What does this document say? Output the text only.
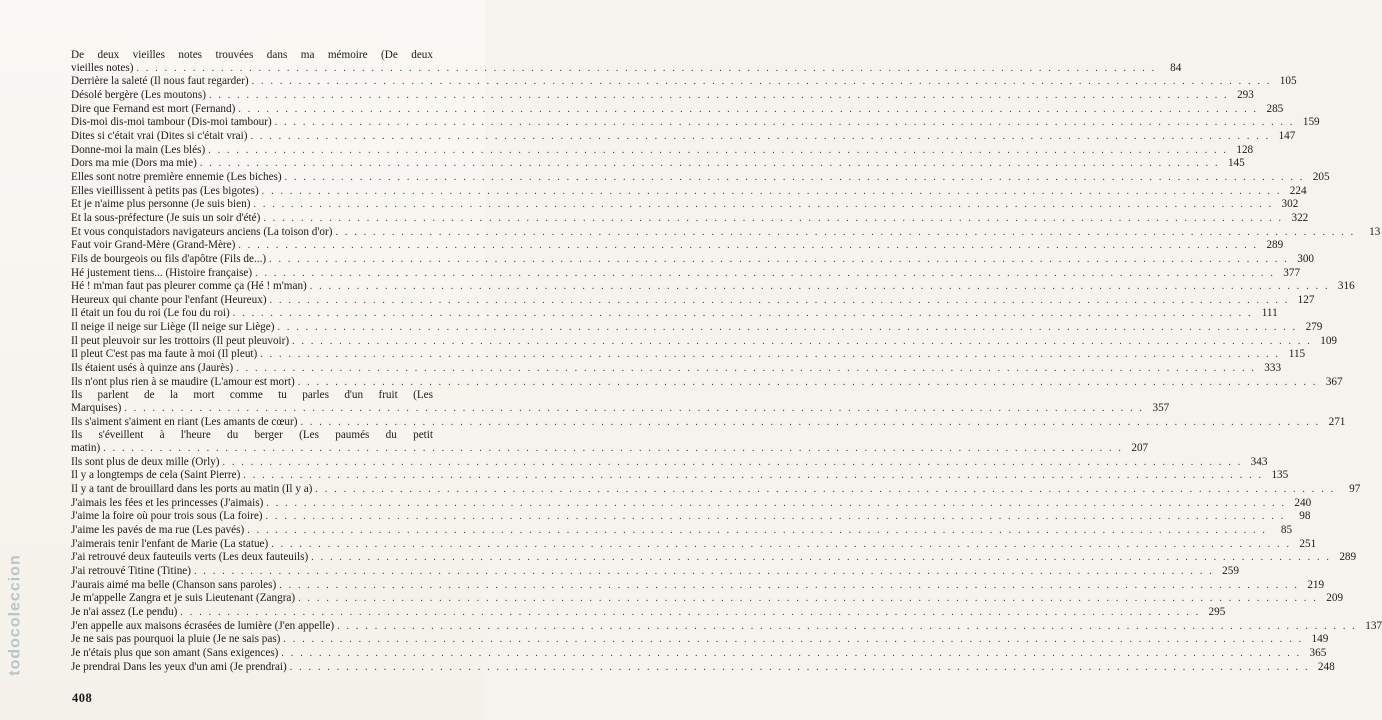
De deux vieilles notes trouvées dans ma mémoire (De deux
vieilles notes) . . .	84
Derrière la saleté (Il nous faut regarder) . . .	105
Désolé bergère (Les moutons) . . .	293
Dire que Fernand est mort (Fernand) . . .	285
Dis-moi dis-moi tambour (Dis-moi tambour) . . .	159
Dites si c'était vrai (Dites si c'était vrai) . . .	147
Donne-moi la main (Les blés) . . .	128
Dors ma mie (Dors ma mie) . . .	145
Elles sont notre première ennemie (Les biches) . . .	205
Elles vieillissent à petits pas (Les bigotes) . . .	224
Et je n'aime plus personne (Je suis bien) . . .	302
Et la sous-préfecture (Je suis un soir d'été) . . .	322
Et vous conquistadors navigateurs anciens (La toison d'or) . . .	13
Faut voir Grand-Mère (Grand-Mère) . . .	289
Fils de bourgeois ou fils d'apôtre (Fils de...) . . .	300
Hé justement tiens... (Histoire française) . . .	377
Hé ! m'man faut pas pleurer comme ça (Hé ! m'man) . . .	316
Heureux qui chante pour l'enfant (Heureux) . . .	127
Il était un fou du roi (Le fou du roi) . . .	111
Il neige il neige sur Liège (Il neige sur Liège) . . .	279
Il peut pleuvoir sur les trottoirs (Il peut pleuvoir) . . .	109
Il pleut C'est pas ma faute à moi (Il pleut) . . .	115
Ils étaient usés à quinze ans (Jaurès) . . .	333
Ils n'ont plus rien à se maudire (L'amour est mort) . . .	367
Ils parlent de la mort comme tu parles d'un fruit (Les
Marquises) . . .	357
Ils s'aiment s'aiment en riant (Les amants de cœur) . . .	271
Ils s'éveillent à l'heure du berger (Les paumés du petit
matin) . . .	207
Ils sont plus de deux mille (Orly) . . .	343
Il y a longtemps de cela (Saint Pierre) . . .	135
Il y a tant de brouillard dans les ports au matin (Il y a) . . .	97
J'aimais les fées et les princesses (J'aimais) . . .	240
J'aime la foire où pour trois sous (La foire) . . .	98
J'aime les pavés de ma rue (Les pavés) . . .	85
J'aimerais tenir l'enfant de Marie (La statue) . . .	251
J'ai retrouvé deux fauteuils verts (Les deux fauteuils) . . .	289
J'ai retrouvé Titine (Titine) . . .	259
J'aurais aimé ma belle (Chanson sans paroles) . . .	219
Je m'appelle Zangra et je suis Lieutenant (Zangra) . . .	209
Je n'ai assez (Le pendu) . . .	295
J'en appelle aux maisons écrasées de lumière (J'en appelle) . . .	137
Je ne sais pas pourquoi la pluie (Je ne sais pas) . . .	149
Je n'étais plus que son amant (Sans exigences) . . .	365
Je prendrai Dans les yeux d'un ami (Je prendrai) . . .	248
408
todocoleccion
